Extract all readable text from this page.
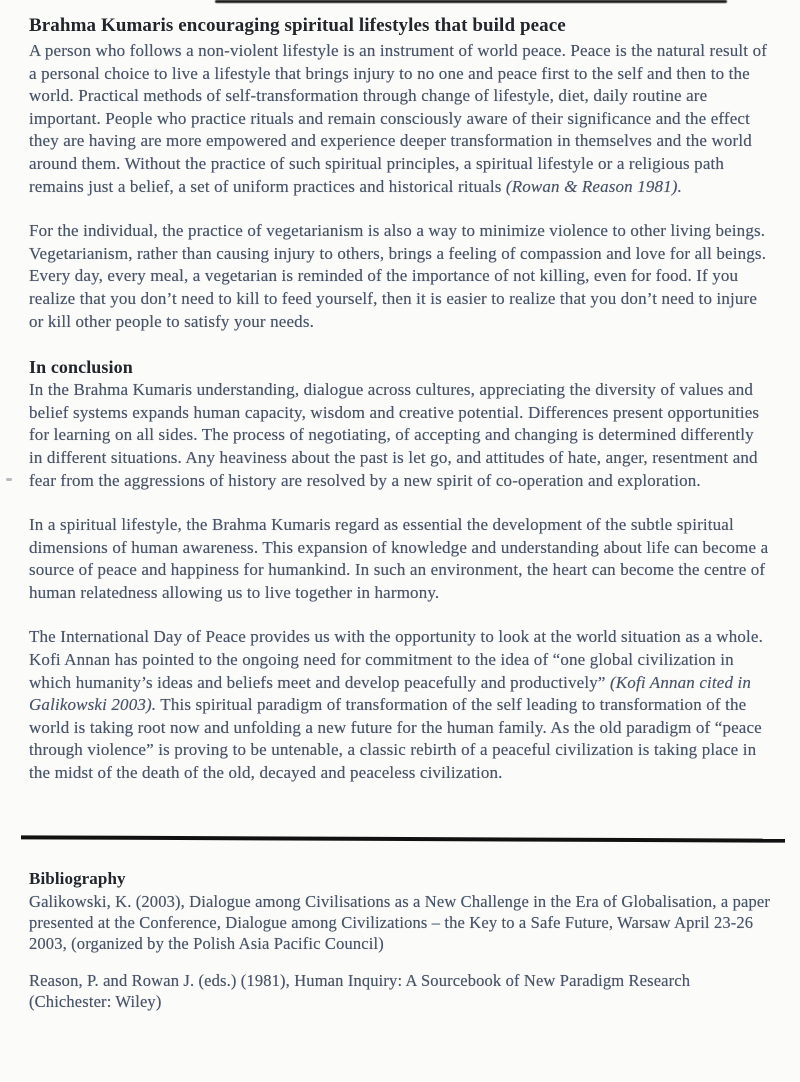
Brahma Kumaris encouraging spiritual lifestyles that build peace

A person who follows a non-violent lifestyle is an instrument of world peace. Peace is the natural result of a personal choice to live a lifestyle that brings injury to no one and peace first to the self and then to the world. Practical methods of self-transformation through change of lifestyle, diet, daily routine are important. People who practice rituals and remain consciously aware of their significance and the effect they are having are more empowered and experience deeper transformation in themselves and the world around them. Without the practice of such spiritual principles, a spiritual lifestyle or a religious path remains just a belief, a set of uniform practices and historical rituals (Rowan & Reason 1981).

For the individual, the practice of vegetarianism is also a way to minimize violence to other living beings. Vegetarianism, rather than causing injury to others, brings a feeling of compassion and love for all beings. Every day, every meal, a vegetarian is reminded of the importance of not killing, even for food. If you realize that you don’t need to kill to feed yourself, then it is easier to realize that you don’t need to injure or kill other people to satisfy your needs.

In conclusion

In the Brahma Kumaris understanding, dialogue across cultures, appreciating the diversity of values and belief systems expands human capacity, wisdom and creative potential. Differences present opportunities for learning on all sides. The process of negotiating, of accepting and changing is determined differently in different situations. Any heaviness about the past is let go, and attitudes of hate, anger, resentment and fear from the aggressions of history are resolved by a new spirit of co-operation and exploration.

In a spiritual lifestyle, the Brahma Kumaris regard as essential the development of the subtle spiritual dimensions of human awareness. This expansion of knowledge and understanding about life can become a source of peace and happiness for humankind. In such an environment, the heart can become the centre of human relatedness allowing us to live together in harmony.

The International Day of Peace provides us with the opportunity to look at the world situation as a whole. Kofi Annan has pointed to the ongoing need for commitment to the idea of “one global civilization in which humanity’s ideas and beliefs meet and develop peacefully and productively” (Kofi Annan cited in Galikowski 2003). This spiritual paradigm of transformation of the self leading to transformation of the world is taking root now and unfolding a new future for the human family. As the old paradigm of “peace through violence” is proving to be untenable, a classic rebirth of a peaceful civilization is taking place in the midst of the death of the old, decayed and peaceless civilization.

Bibliography

Galikowski, K. (2003), Dialogue among Civilisations as a New Challenge in the Era of Globalisation, a paper presented at the Conference, Dialogue among Civilizations – the Key to a Safe Future, Warsaw April 23-26 2003, (organized by the Polish Asia Pacific Council)

Reason, P. and Rowan J. (eds.) (1981), Human Inquiry: A Sourcebook of New Paradigm Research (Chichester: Wiley)
